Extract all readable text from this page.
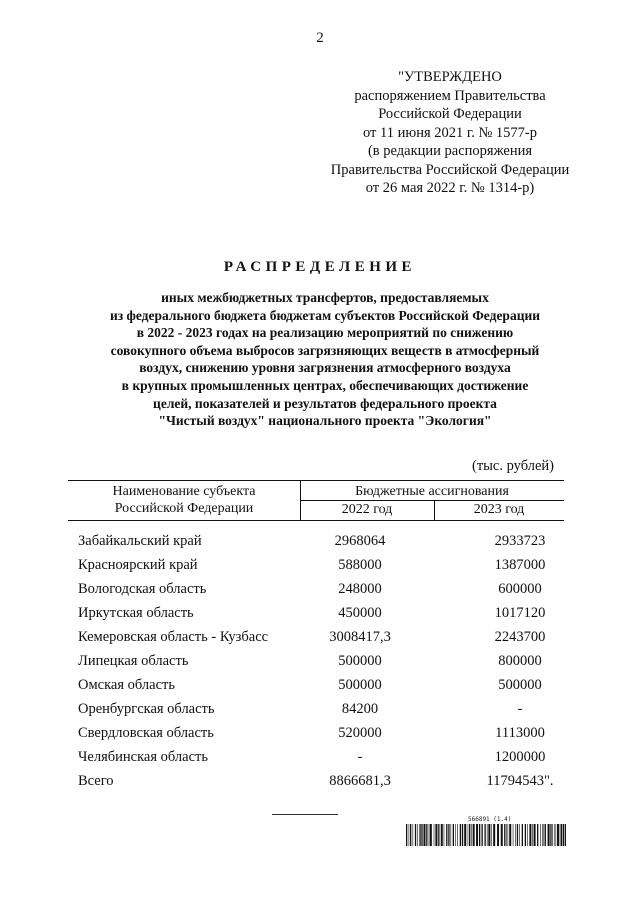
2
"УТВЕРЖДЕНО
распоряжением Правительства
Российской Федерации
от 11 июня 2021 г. № 1577-р
(в редакции распоряжения
Правительства Российской Федерации
от 26 мая 2022 г. № 1314-р)
РАСПРЕДЕЛЕНИЕ
иных межбюджетных трансфертов, предоставляемых
из федерального бюджета бюджетам субъектов Российской Федерации
в 2022 - 2023 годах на реализацию мероприятий по снижению
совокупного объема выбросов загрязняющих веществ в атмосферный
воздух, снижению уровня загрязнения атмосферного воздуха
в крупных промышленных центрах, обеспечивающих достижение
целей, показателей и результатов федерального проекта
"Чистый воздух" национального проекта "Экология"
(тыс. рублей)
Наименование субъекта
Российской Федерации
Бюджетные ассигнования
2022 год	2023 год
Забайкальский край	2968064	2933723
Красноярский край	588000	1387000
Вологодская область	248000	600000
Иркутская область	450000	1017120
Кемеровская область - Кузбасс	3008417,3	2243700
Липецкая область	500000	800000
Омская область	500000	500000
Оренбургская область	84200	-
Свердловская область	520000	1113000
Челябинская область	-	1200000
Всего	8866681,3	11794543".
566891 (1.4)
